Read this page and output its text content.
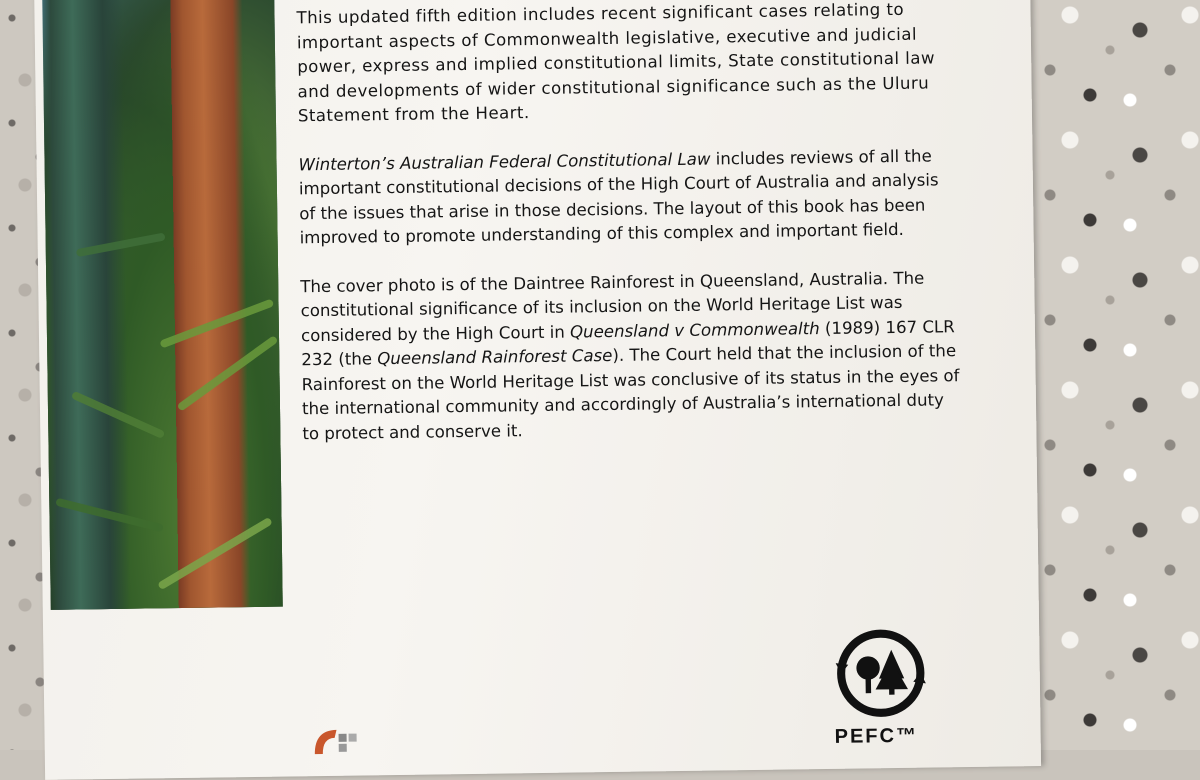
This updated fifth edition includes recent significant cases relating to important aspects of Commonwealth legislative, executive and judicial power, express and implied constitutional limits, State constitutional law and developments of wider constitutional significance such as the Uluru Statement from the Heart.

Winterton’s Australian Federal Constitutional Law includes reviews of all the important constitutional decisions of the High Court of Australia and analysis of the issues that arise in those decisions. The layout of this book has been improved to promote understanding of this complex and important field.

The cover photo is of the Daintree Rainforest in Queensland, Australia. The constitutional significance of its inclusion on the World Heritage List was considered by the High Court in Queensland v Commonwealth (1989) 167 CLR 232 (the Queensland Rainforest Case). The Court held that the inclusion of the Rainforest on the World Heritage List was conclusive of its status in the eyes of the international community and accordingly of Australia’s international duty to protect and conserve it.

PEFC™
